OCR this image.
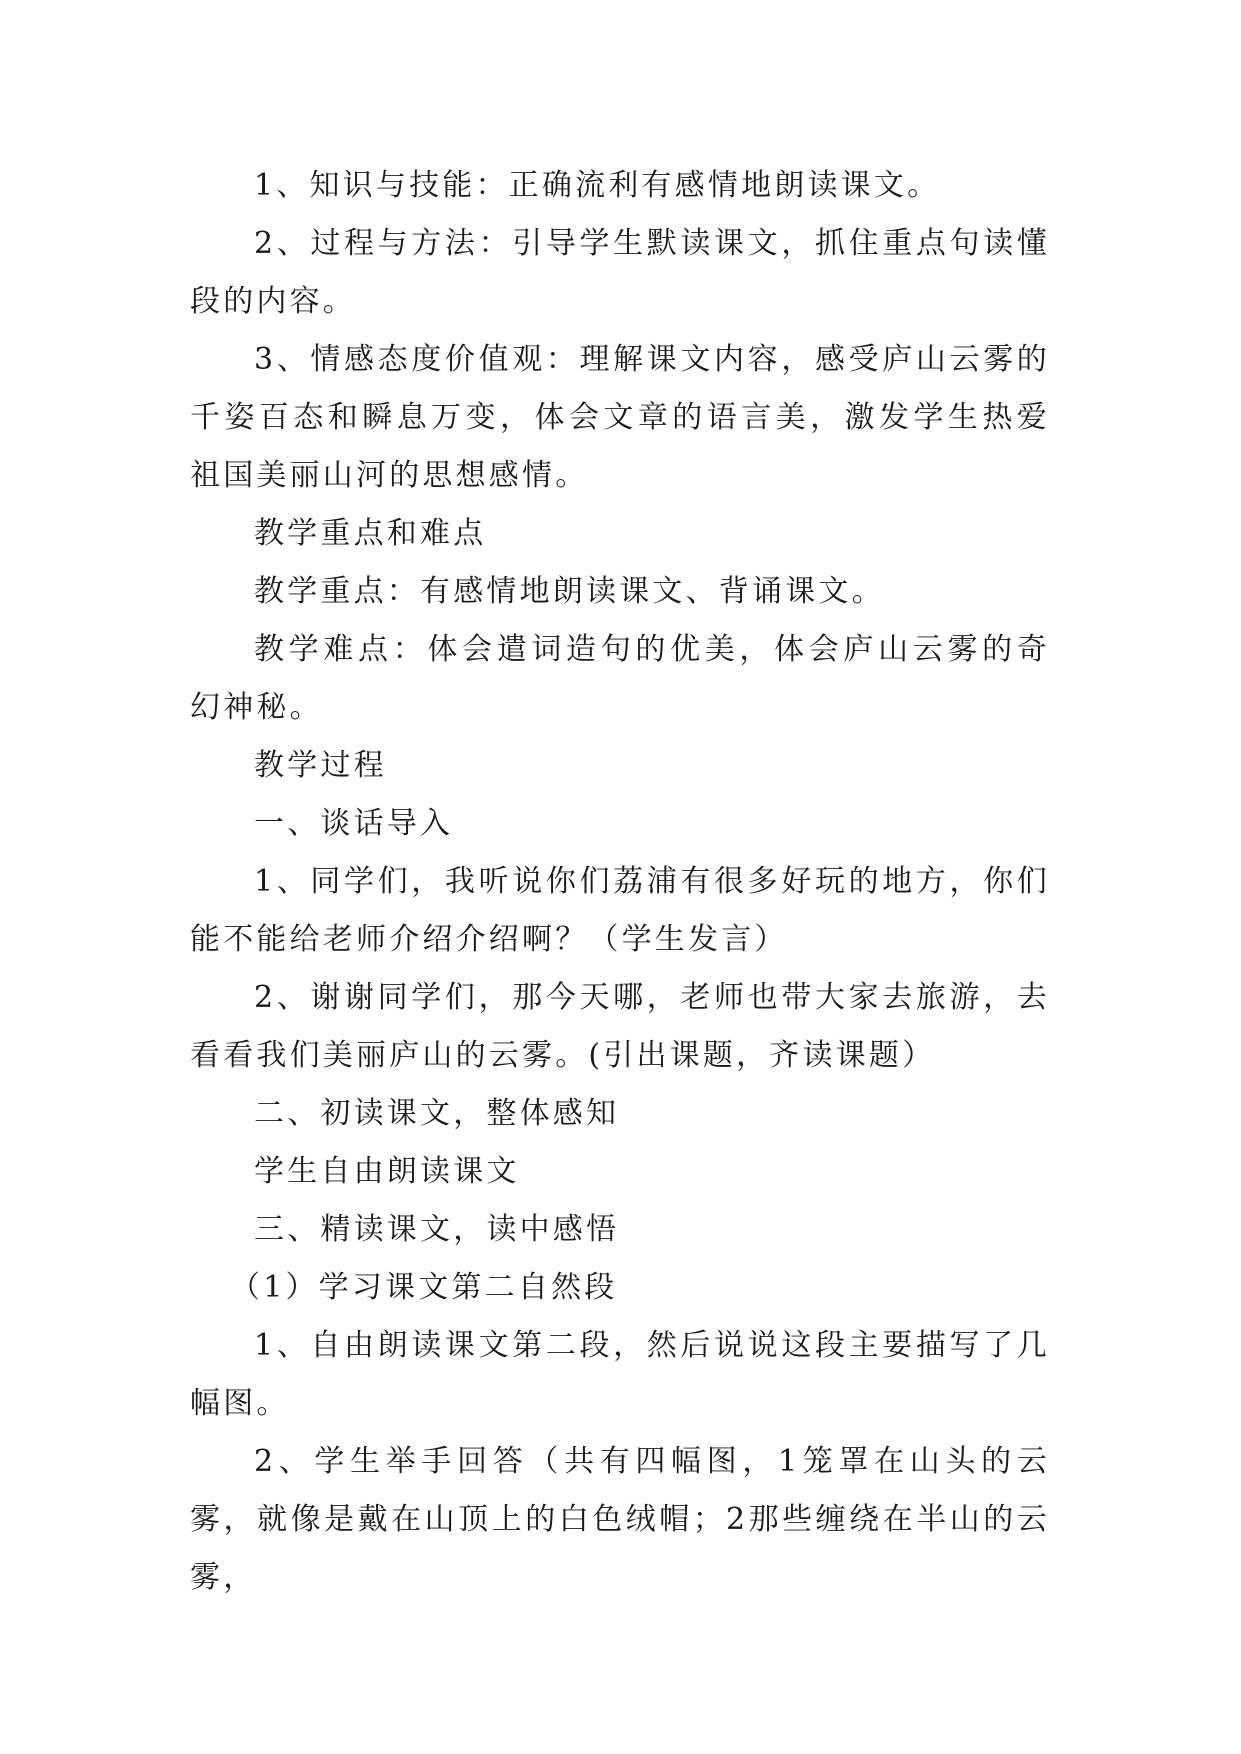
1、知识与技能：正确流利有感情地朗读课文。

2、过程与方法：引导学生默读课文，抓住重点句读懂段的内容。

3、情感态度价值观：理解课文内容，感受庐山云雾的千姿百态和瞬息万变，体会文章的语言美，激发学生热爱祖国美丽山河的思想感情。

教学重点和难点

教学重点：有感情地朗读课文、背诵课文。

教学难点：体会遣词造句的优美，体会庐山云雾的奇幻神秘。

教学过程

一、谈话导入

1、同学们，我听说你们荔浦有很多好玩的地方，你们能不能给老师介绍介绍啊？（学生发言）

2、谢谢同学们，那今天哪，老师也带大家去旅游，去看看我们美丽庐山的云雾。(引出课题，齐读课题）

二、初读课文，整体感知

学生自由朗读课文

三、精读课文，读中感悟

（1）学习课文第二自然段

1、自由朗读课文第二段，然后说说这段主要描写了几幅图。

2、学生举手回答（共有四幅图，1笼罩在山头的云雾，就像是戴在山顶上的白色绒帽；2那些缠绕在半山的云雾，
